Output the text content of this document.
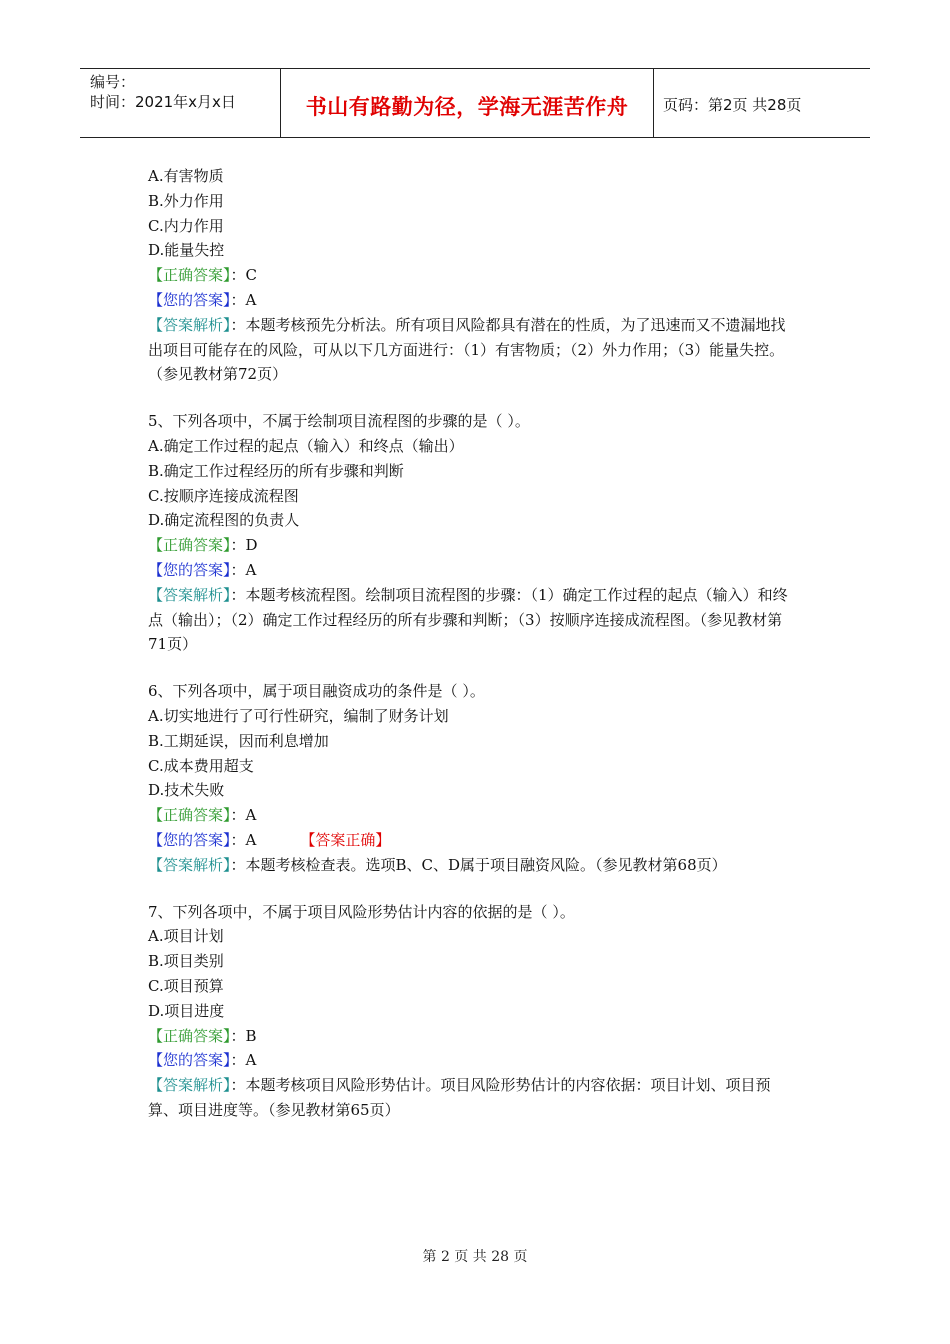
编号：
时间：2021年x月x日	书山有路勤为径，学海无涯苦作舟	页码：第2页 共28页
A.有害物质
B.外力作用
C.内力作用
D.能量失控
【正确答案】：C
【您的答案】：A
【答案解析】：本题考核预先分析法。所有项目风险都具有潜在的性质，为了迅速而又不遗漏地找出项目可能存在的风险，可从以下几方面进行：（1）有害物质；（2）外力作用；（3）能量失控。（参见教材第72页）
5、下列各项中，不属于绘制项目流程图的步骤的是（ ）。
A.确定工作过程的起点（输入）和终点（输出）
B.确定工作过程经历的所有步骤和判断
C.按顺序连接成流程图
D.确定流程图的负责人
【正确答案】：D
【您的答案】：A
【答案解析】：本题考核流程图。绘制项目流程图的步骤：（1）确定工作过程的起点（输入）和终点（输出）；（2）确定工作过程经历的所有步骤和判断；（3）按顺序连接成流程图。（参见教材第71页）
6、下列各项中，属于项目融资成功的条件是（ ）。
A.切实地进行了可行性研究，编制了财务计划
B.工期延误，因而利息增加
C.成本费用超支
D.技术失败
【正确答案】：A
【您的答案】：A	【答案正确】
【答案解析】：本题考核检查表。选项B、C、D属于项目融资风险。（参见教材第68页）
7、下列各项中，不属于项目风险形势估计内容的依据的是（ ）。
A.项目计划
B.项目类别
C.项目预算
D.项目进度
【正确答案】：B
【您的答案】：A
【答案解析】：本题考核项目风险形势估计。项目风险形势估计的内容依据：项目计划、项目预算、项目进度等。（参见教材第65页）
第 2 页 共 28 页
